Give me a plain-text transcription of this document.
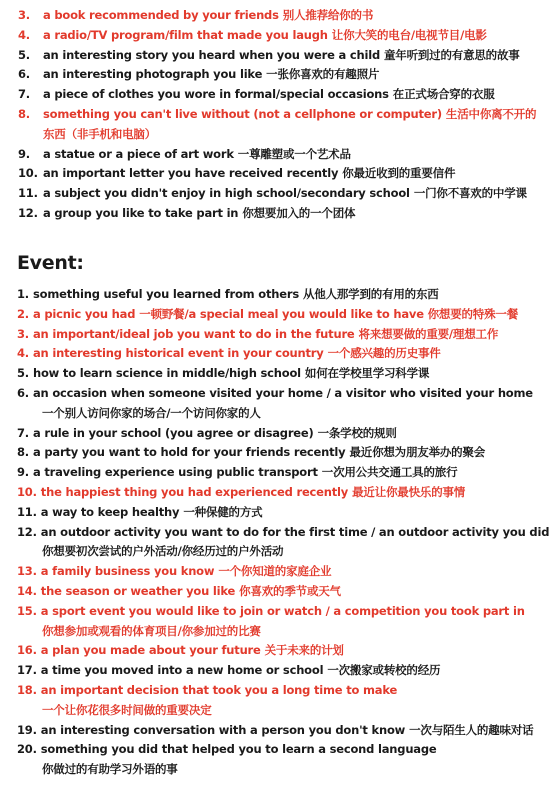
3. a book recommended by your friends 别人推荐给你的书
4. a radio/TV program/film that made you laugh 让你大笑的电台/电视节目/电影
5. an interesting story you heard when you were a child 童年听到过的有意思的故事
6. an interesting photograph you like 一张你喜欢的有趣照片
7. a piece of clothes you wore in formal/special occasions 在正式场合穿的衣服
8. something you can't live without (not a cellphone or computer) 生活中你离不开的
东西（非手机和电脑）
9. a statue or a piece of art work 一尊雕塑或一个艺术品
10. an important letter you have received recently 你最近收到的重要信件
11. a subject you didn't enjoy in high school/secondary school 一门你不喜欢的中学课
12. a group you like to take part in 你想要加入的一个团体
Event:
1. something useful you learned from others 从他人那学到的有用的东西
2. a picnic you had 一顿野餐/a special meal you would like to have 你想要的特殊一餐
3. an important/ideal job you want to do in the future 将来想要做的重要/理想工作
4. an interesting historical event in your country 一个感兴趣的历史事件
5. how to learn science in middle/high school 如何在学校里学习科学课
6. an occasion when someone visited your home / a visitor who visited your home
一个别人访问你家的场合/一个访问你家的人
7. a rule in your school (you agree or disagree) 一条学校的规则
8. a party you want to hold for your friends recently 最近你想为朋友举办的聚会
9. a traveling experience using public transport 一次用公共交通工具的旅行
10. the happiest thing you had experienced recently 最近让你最快乐的事情
11. a way to keep healthy 一种保健的方式
12. an outdoor activity you want to do for the first time / an outdoor activity you did
你想要初次尝试的户外活动/你经历过的户外活动
13. a family business you know 一个你知道的家庭企业
14. the season or weather you like 你喜欢的季节或天气
15. a sport event you would like to join or watch / a competition you took part in
你想参加或观看的体育项目/你参加过的比赛
16. a plan you made about your future 关于未来的计划
17. a time you moved into a new home or school 一次搬家或转校的经历
18. an important decision that took you a long time to make
一个让你花很多时间做的重要决定
19. an interesting conversation with a person you don't know 一次与陌生人的趣味对话
20. something you did that helped you to learn a second language
你做过的有助学习外语的事
